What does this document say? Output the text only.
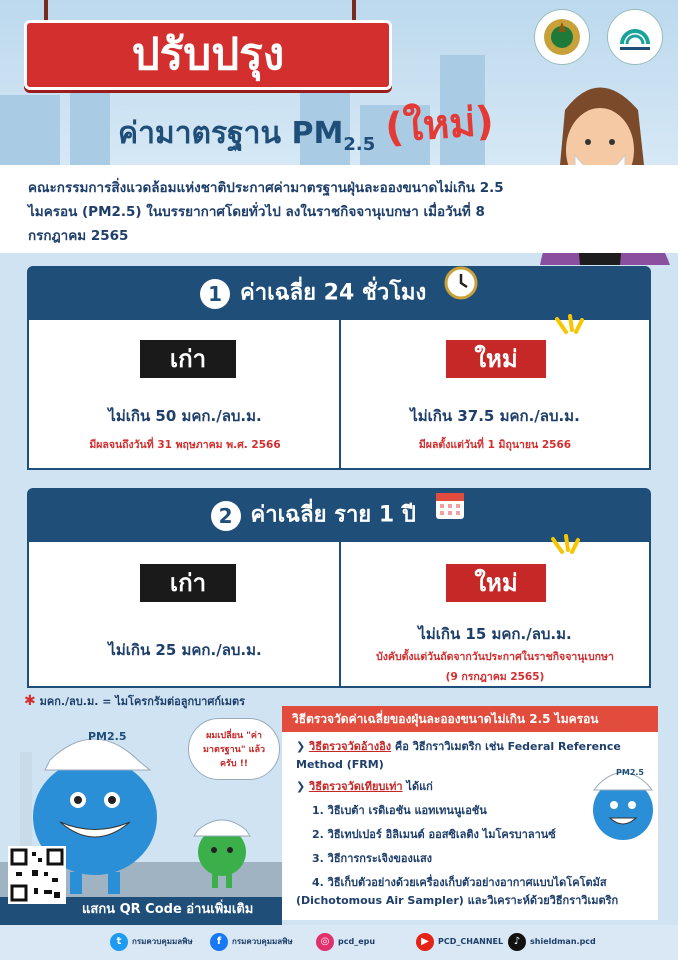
ปรับปรุง
ค่ามาตรฐาน $PM_{2.5}$ (ใหม่)
คณะกรรมการสิ่งแวดล้อมแห่งชาติประกาศค่ามาตรฐานฝุ่นละอองขนาดไม่เกิน 2.5 ไมครอน (PM2.5) ในบรรยากาศโดยทั่วไป ลงในราชกิจจานุเบกษา เมื่อวันที่ 8 กรกฎาคม 2565
1 ค่าเฉลี่ย 24 ชั่วโมง
เก่า
ไม่เกิน 50 มคก./ลบ.ม.
มีผลจนถึงวันที่ 31 พฤษภาคม พ.ศ. 2566
ใหม่
ไม่เกิน 37.5 มคก./ลบ.ม.
มีผลตั้งแต่วันที่ 1 มิถุนายน 2566
2 ค่าเฉลี่ย ราย 1 ปี
เก่า
ไม่เกิน 25 มคก./ลบ.ม.
ใหม่
ไม่เกิน 15 มคก./ลบ.ม.
บังคับตั้งแต่วันถัดจากวันประกาศในราชกิจจานุเบกษา
(9 กรกฎาคม 2565)
✱ มคก./ลบ.ม. = ไมโครกรัมต่อลูกบาศก์เมตร
PM2.5	ผมเปลี่ยน "ค่ามาตรฐาน" แล้วครับ !!
แสกน QR Code อ่านเพิ่มเติม
วิธีตรวจวัดค่าเฉลี่ยของฝุ่นละอองขนาดไม่เกิน 2.5 ไมครอน
❯ วิธีตรวจวัดอ้างอิง คือ วิธีกราวิเมตริก เช่น Federal Reference Method (FRM)
❯ วิธีตรวจวัดเทียบเท่า ได้แก่
1. วิธีเบต้า เรดิเอชัน แอทเทนนูเอชัน
2. วิธีเทปเปอร์ อิลิเมนต์ ออสซิเลติง ไมโครบาลานซ์
3. วิธีการกระเจิงของแสง
4. วิธีเก็บตัวอย่างด้วยเครื่องเก็บตัวอย่างอากาศแบบไดโคโตมัส (Dichotomous Air Sampler) และวิเคราะห์ด้วยวิธีกราวิเมตริก
PM2.5
t กรมควบคุมมลพิษ	f กรมควบคุมมลพิษ	◎ pcd_epu	▶ PCD_CHANNEL	♪ shieldman.pcd
